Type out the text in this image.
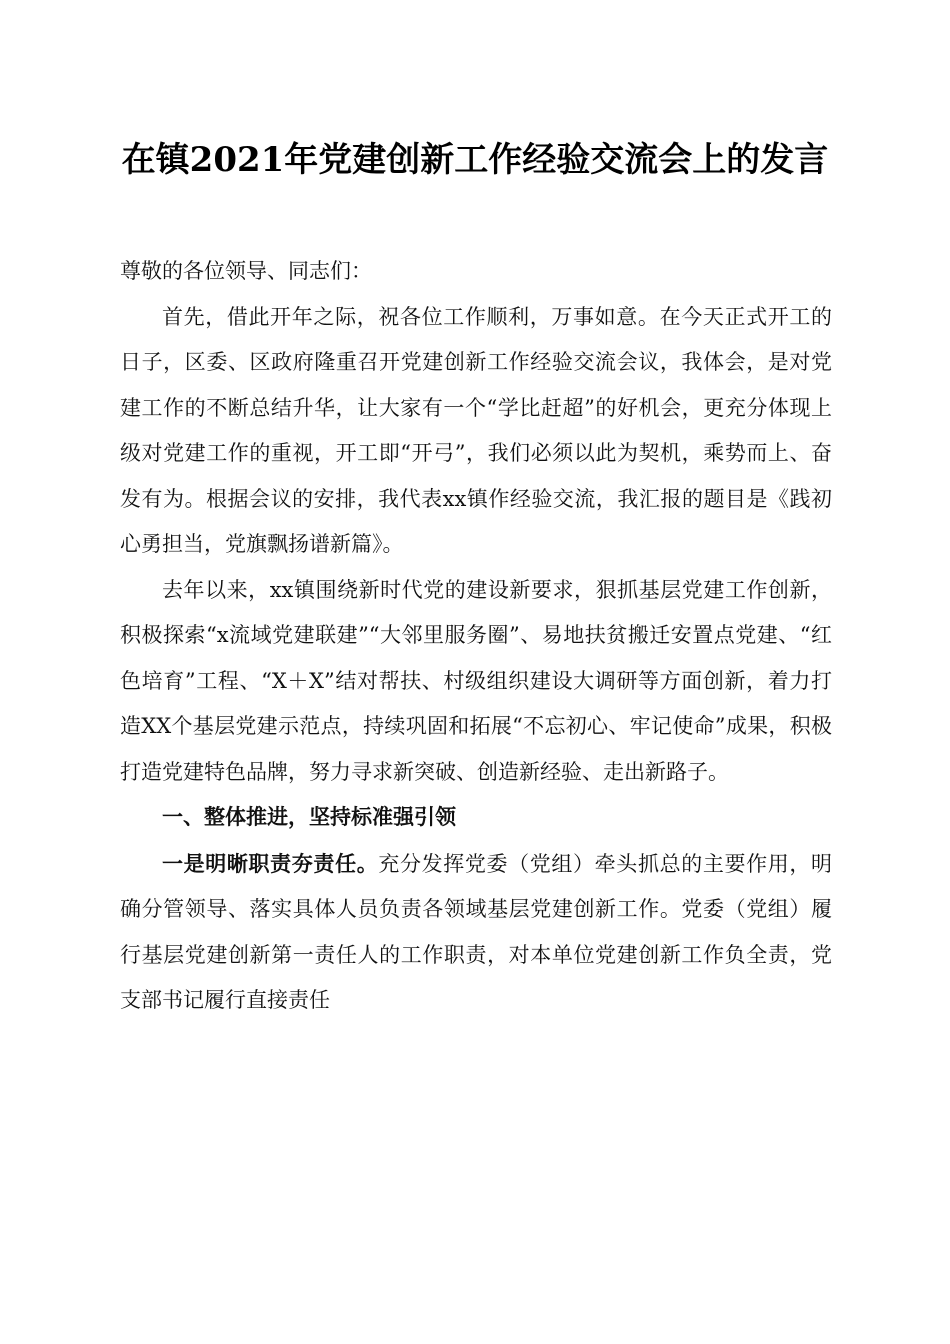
在镇2021年党建创新工作经验交流会上的发言

尊敬的各位领导、同志们：

首先，借此开年之际，祝各位工作顺利，万事如意。在今天正式开工的日子，区委、区政府隆重召开党建创新工作经验交流会议，我体会，是对党建工作的不断总结升华，让大家有一个“学比赶超”的好机会，更充分体现上级对党建工作的重视，开工即“开弓”，我们必须以此为契机，乘势而上、奋发有为。根据会议的安排，我代表xx镇作经验交流，我汇报的题目是《践初心勇担当，党旗飘扬谱新篇》。

去年以来，xx镇围绕新时代党的建设新要求，狠抓基层党建工作创新，积极探索“x流域党建联建”“大邻里服务圈”、易地扶贫搬迁安置点党建、“红色培育”工程、“X＋X”结对帮扶、村级组织建设大调研等方面创新，着力打造XX个基层党建示范点，持续巩固和拓展“不忘初心、牢记使命”成果，积极打造党建特色品牌，努力寻求新突破、创造新经验、走出新路子。

一、整体推进，坚持标准强引领

一是明晰职责夯责任。充分发挥党委（党组）牵头抓总的主要作用，明确分管领导、落实具体人员负责各领域基层党建创新工作。党委（党组）履行基层党建创新第一责任人的工作职责，对本单位党建创新工作负全责，党支部书记履行直接责任
